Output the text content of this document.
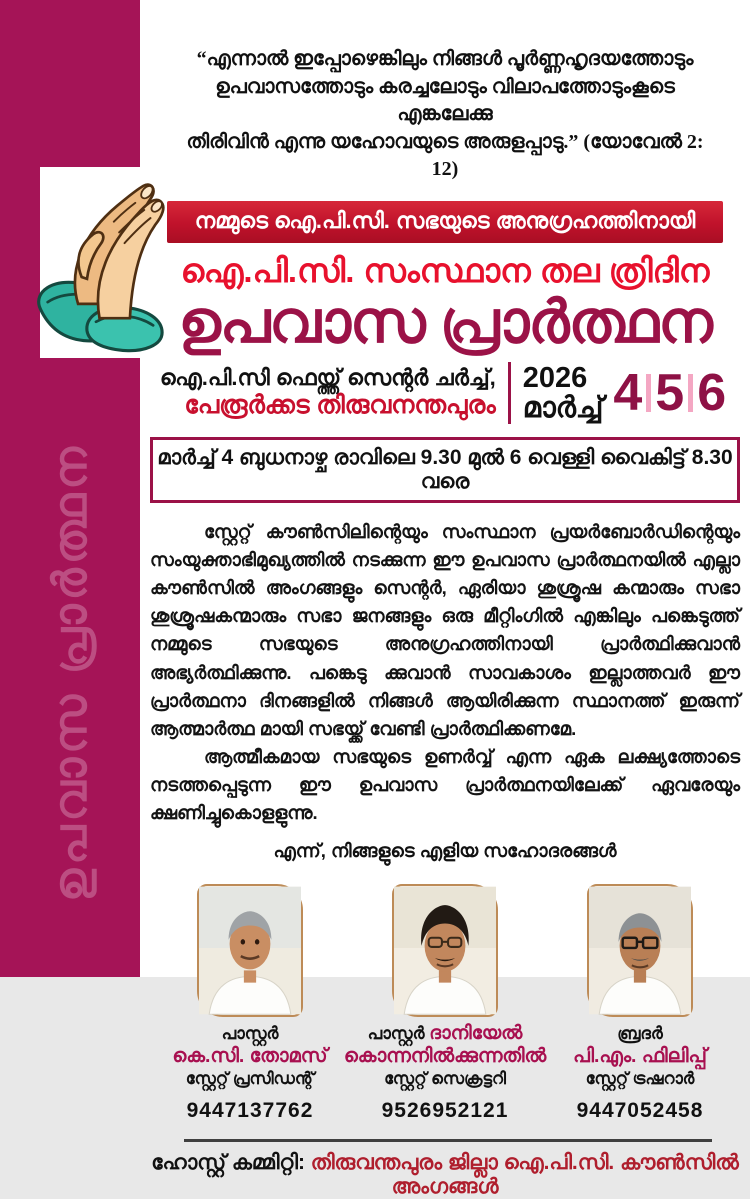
ഉപവാസ പ്രാർത്ഥന
“എന്നാൽ ഇപ്പോഴെങ്കിലും നിങ്ങൾ പൂർണ്ണഹൃദയത്തോടും
ഉപവാസത്തോടും കരച്ചലോടും വിലാപത്തോടുംകൂടെ എങ്കലേക്കു
തിരിവിൻ എന്നു യഹോവയുടെ അരുളപ്പാടു.” (യോവേൽ 2: 12)
നമ്മുടെ ഐ.പി.സി. സഭയുടെ അനുഗ്രഹത്തിനായി
ഐ.പി.സി. സംസ്ഥാന തല ത്രിദിന
ഉപവാസ പ്രാർത്ഥന
ഐ.പി.സി ഫെയ്ത്ത് സെന്റർ ചർച്ച്,
പേരൂർക്കട തിരുവനന്തപുരം
2026
മാർച്ച് 4 5 6
മാർച്ച് 4 ബുധനാഴ്ച രാവിലെ 9.30 മുൽ 6 വെള്ളി വൈകിട്ട് 8.30 വരെ

സ്റ്റേറ്റ് കൗൺസിലിന്റെയും സംസ്ഥാന പ്രയർബോർഡിന്റെയും സംയുക്താഭിമുഖ്യത്തിൽ നടക്കുന്ന ഈ ഉപവാസ പ്രാർത്ഥനയിൽ എല്ലാ കൗൺസിൽ അംഗങ്ങളും സെന്റർ, ഏരിയാ ശുശ്രൂഷ കന്മാരും സഭാ ശുശ്രൂഷകന്മാരും സഭാ ജനങ്ങളും ഒരു മീറ്റിംഗിൽ എങ്കിലും പങ്കെടുത്ത് നമ്മുടെ സഭയുടെ അനുഗ്രഹത്തിനായി പ്രാർത്ഥിക്കുവാൻ അഭ്യർത്ഥിക്കുന്നു. പങ്കെടു ക്കുവാൻ സാവകാശം ഇല്ലാത്തവർ ഈ പ്രാർത്ഥനാ ദിനങ്ങളിൽ നിങ്ങൾ ആയിരിക്കുന്ന സ്ഥാനത്ത് ഇരുന്ന് ആത്മാർത്ഥ മായി സഭയ്ക്ക് വേണ്ടി പ്രാർത്ഥിക്കണമേ.

ആത്മീകമായ സഭയുടെ ഉണർവ്വ് എന്ന ഏക ലക്ഷ്യത്തോടെ നടത്തപ്പെടുന്ന ഈ ഉപവാസ പ്രാർത്ഥനയിലേക്ക് ഏവരേയും ക്ഷണിച്ചുകൊളളുന്നു.

എന്ന്, നിങ്ങളുടെ എളിയ സഹോദരങ്ങൾ
പാസ്റ്റർ
കെ.സി. തോമസ്
സ്റ്റേറ്റ് പ്രസിഡന്റ്
9447137762
പാസ്റ്റർ ദാനിയേൽ
കൊന്നനിൽക്കുന്നതിൽ
സ്റ്റേറ്റ് സെക്രട്ടറി
9526952121
ബ്രദർ
പി.എം. ഫിലിപ്പ്
സ്റ്റേറ്റ് ട്രഷറാർ
9447052458
ഹോസ്റ്റ് കമ്മിറ്റി: തിരുവന്തപുരം ജില്ലാ ഐ.പി.സി. കൗൺസിൽ അംഗങ്ങൾ
